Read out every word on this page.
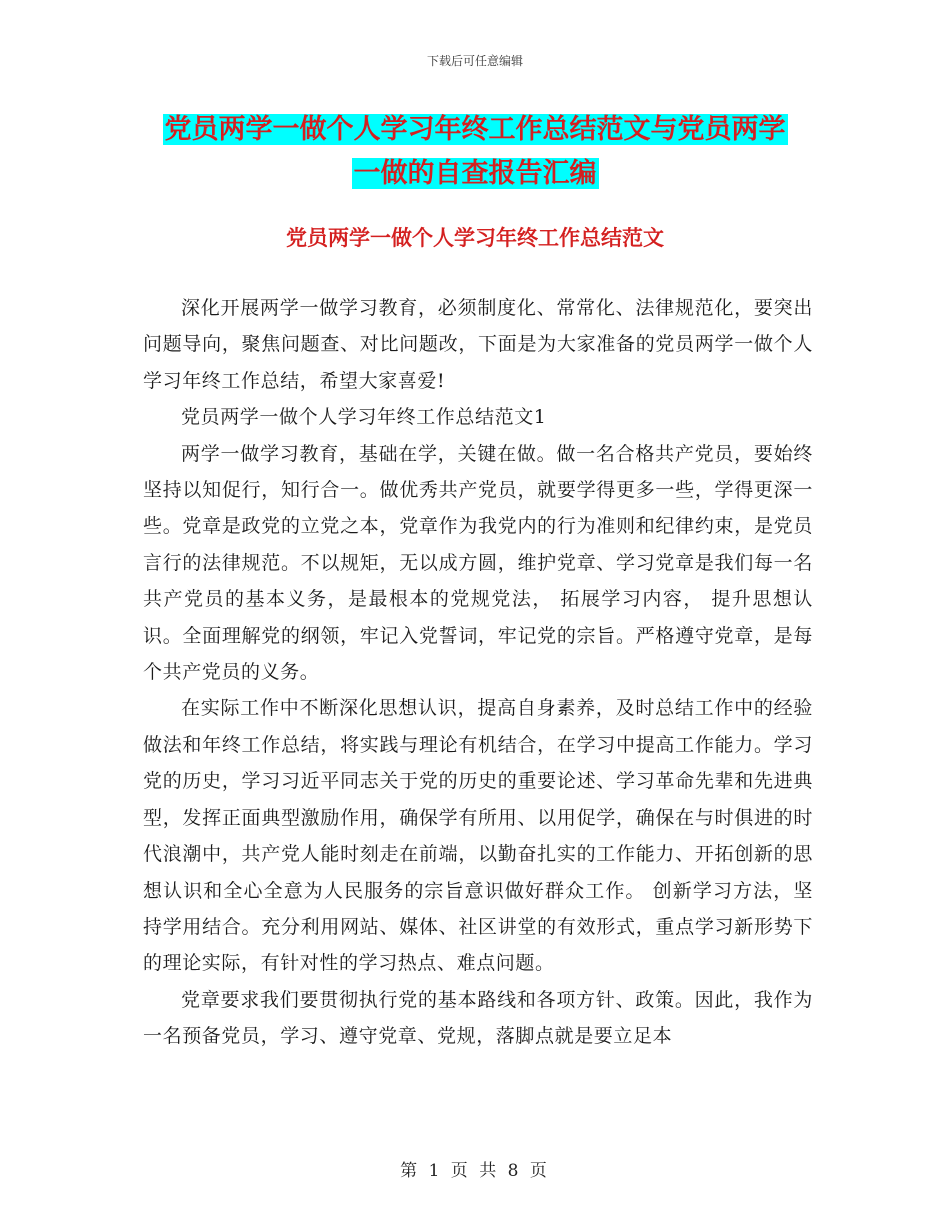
下载后可任意编辑
党员两学一做个人学习年终工作总结范文与党员两学
一做的自查报告汇编
党员两学一做个人学习年终工作总结范文

深化开展两学一做学习教育，必须制度化、常常化、法律规范化，要突出问题导向，聚焦问题查、对比问题改，下面是为大家准备的党员两学一做个人学习年终工作总结，希望大家喜爱!

党员两学一做个人学习年终工作总结范文1

两学一做学习教育，基础在学，关键在做。做一名合格共产党员，要始终坚持以知促行，知行合一。做优秀共产党员，就要学得更多一些，学得更深一些。党章是政党的立党之本，党章作为我党内的行为准则和纪律约束，是党员言行的法律规范。不以规矩，无以成方圆，维护党章、学习党章是我们每一名共产党员的基本义务，是最根本的党规党法， 拓展学习内容， 提升思想认识。全面理解党的纲领，牢记入党誓词，牢记党的宗旨。严格遵守党章，是每个共产党员的义务。

在实际工作中不断深化思想认识，提高自身素养，及时总结工作中的经验做法和年终工作总结，将实践与理论有机结合，在学习中提高工作能力。学习党的历史，学习习近平同志关于党的历史的重要论述、学习革命先辈和先进典型，发挥正面典型激励作用，确保学有所用、以用促学，确保在与时俱进的时代浪潮中，共产党人能时刻走在前端，以勤奋扎实的工作能力、开拓创新的思想认识和全心全意为人民服务的宗旨意识做好群众工作。 创新学习方法，坚持学用结合。充分利用网站、媒体、社区讲堂的有效形式，重点学习新形势下的理论实际，有针对性的学习热点、难点问题。

党章要求我们要贯彻执行党的基本路线和各项方针、政策。因此，我作为一名预备党员，学习、遵守党章、党规，落脚点就是要立足本

第 1 页 共 8 页
